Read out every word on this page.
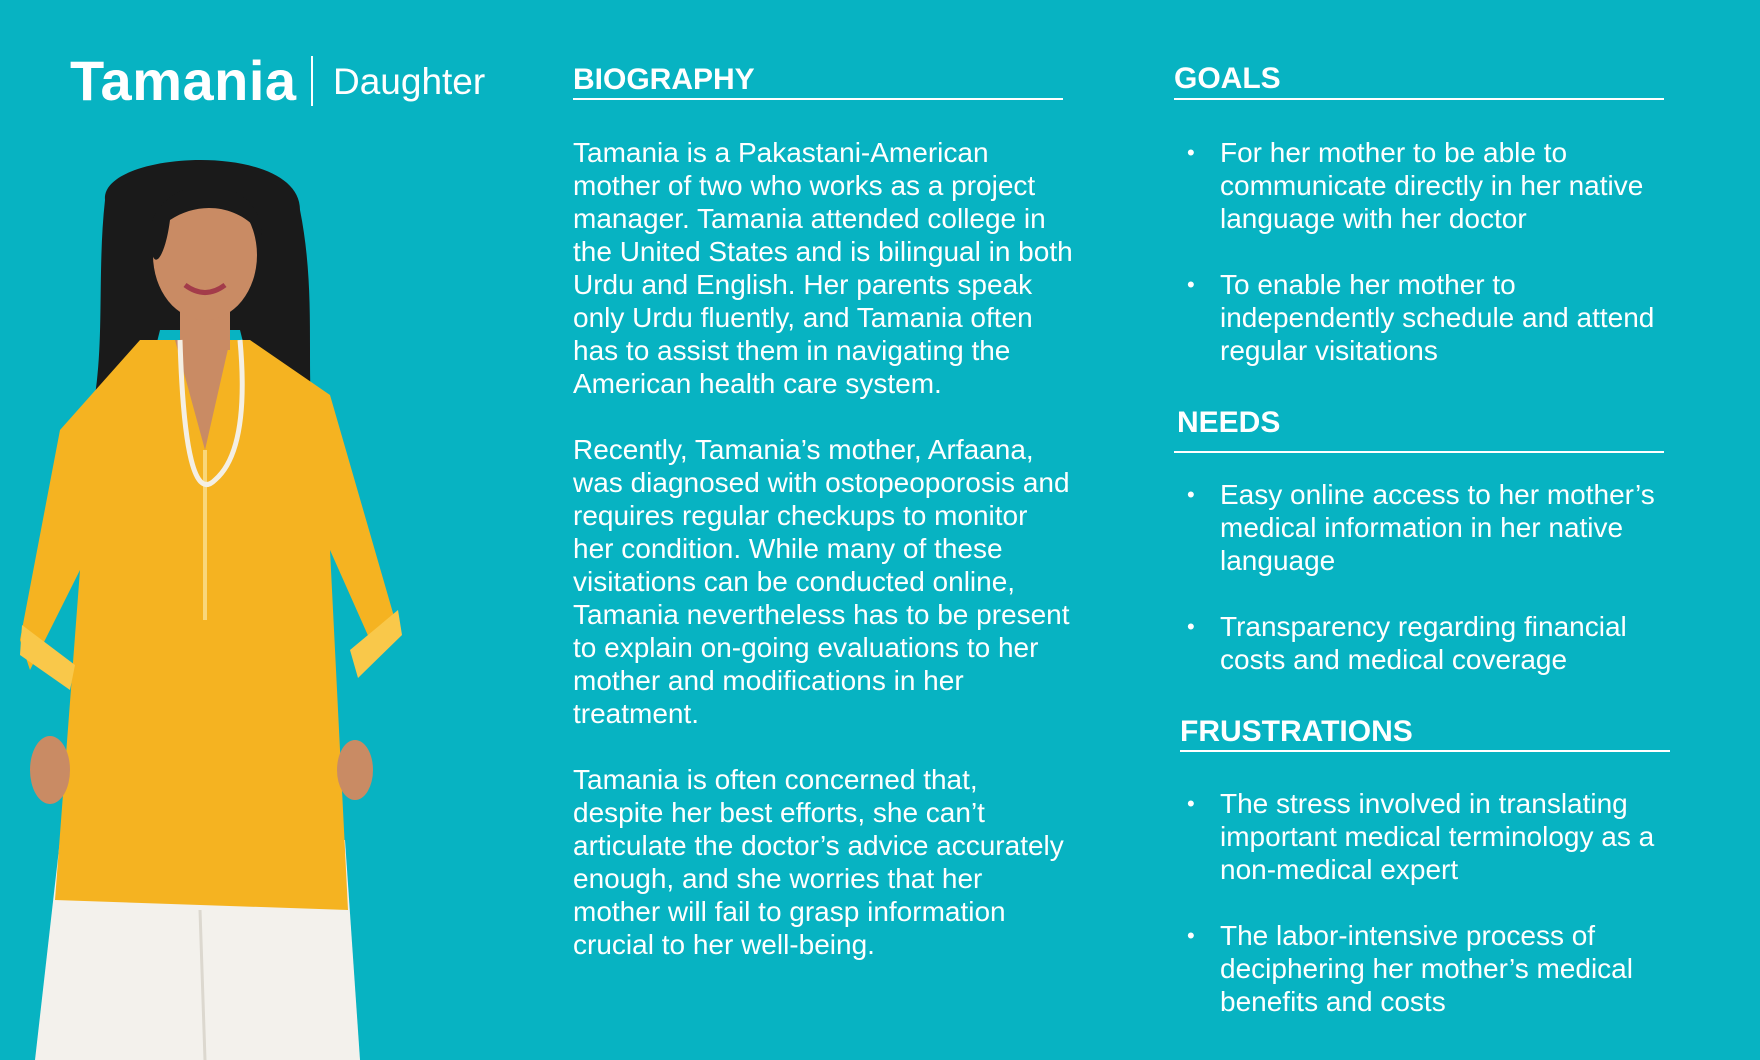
Tamania Daughter	BIOGRAPHY

Tamania is a Pakastani-American mother of two who works as a project manager. Tamania attended college in the United States and is bilingual in both Urdu and English. Her parents speak only Urdu fluently, and Tamania often has to assist them in navigating the American health care system.

Recently, Tamania’s mother, Arfaana, was diagnosed with ostopeoporosis and requires regular checkups to monitor her condition. While many of these visitations can be conducted online, Tamania nevertheless has to be present to explain on-going evaluations to her mother and modifications in her treatment.

Tamania is often concerned that, despite her best efforts, she can’t articulate the doctor’s advice accurately enough, and she worries that her mother will fail to grasp information crucial to her well-being.

GOALS
• For her mother to be able to communicate directly in her native language with her doctor
• To enable her mother to independently schedule and attend regular visitations
NEEDS
• Easy online access to her mother’s medical information in her native language
• Transparency regarding financial costs and medical coverage
FRUSTRATIONS
• The stress involved in translating important medical terminology as a non-medical expert
• The labor-intensive process of deciphering her mother’s medical benefits and costs
